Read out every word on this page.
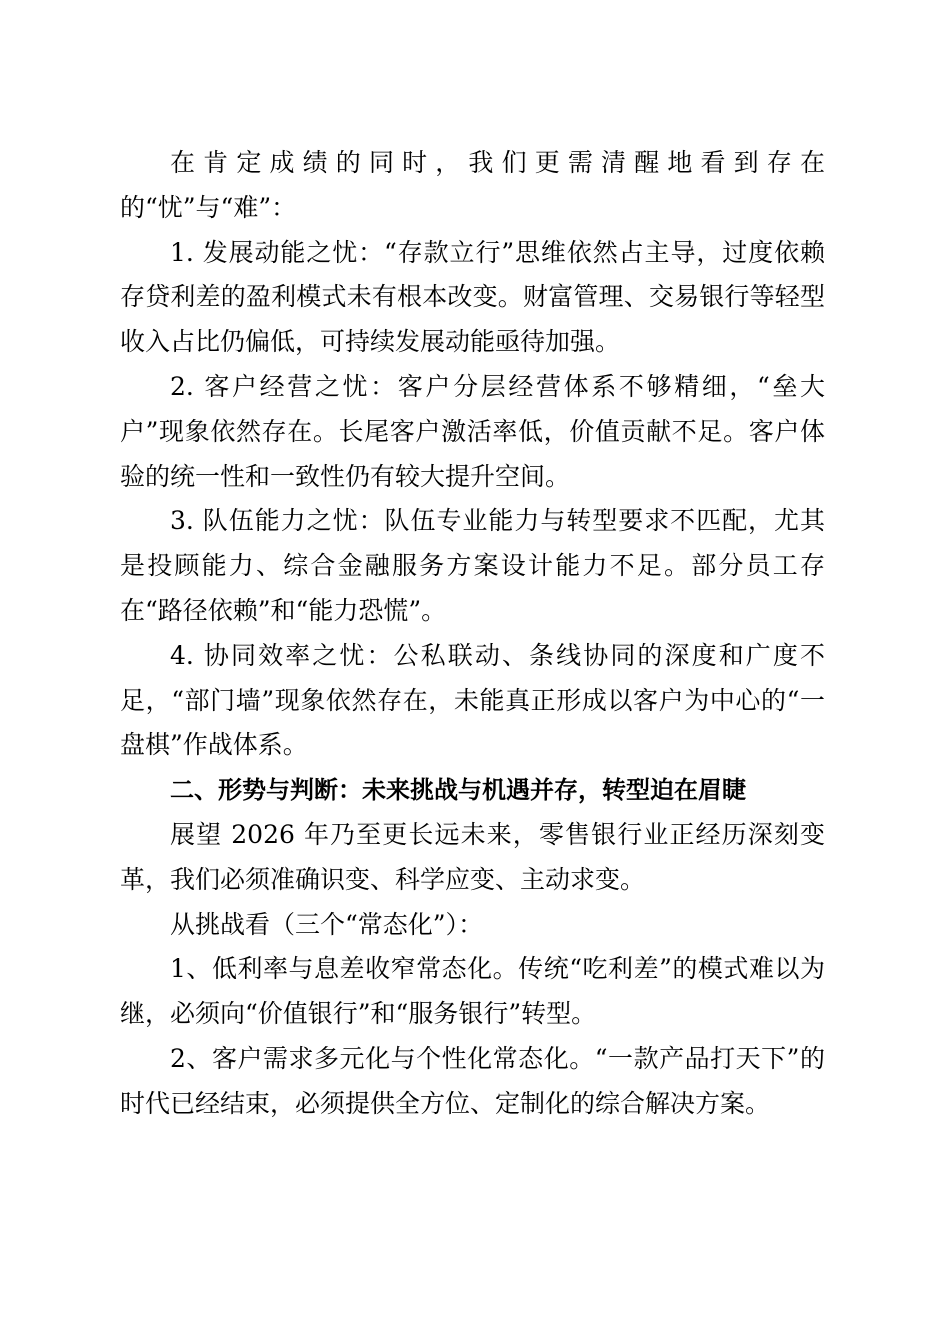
在肯定成绩的同时，我们更需清醒地看到存在的“忧”与“难”：

1. 发展动能之忧：“存款立行”思维依然占主导，过度依赖存贷利差的盈利模式未有根本改变。财富管理、交易银行等轻型收入占比仍偏低，可持续发展动能亟待加强。

2. 客户经营之忧：客户分层经营体系不够精细，“垒大户”现象依然存在。长尾客户激活率低，价值贡献不足。客户体验的统一性和一致性仍有较大提升空间。

3. 队伍能力之忧：队伍专业能力与转型要求不匹配，尤其是投顾能力、综合金融服务方案设计能力不足。部分员工存在“路径依赖”和“能力恐慌”。

4. 协同效率之忧：公私联动、条线协同的深度和广度不足，“部门墙”现象依然存在，未能真正形成以客户为中心的“一盘棋”作战体系。

二、形势与判断：未来挑战与机遇并存，转型迫在眉睫

展望 2026 年乃至更长远未来，零售银行业正经历深刻变革，我们必须准确识变、科学应变、主动求变。

从挑战看（三个“常态化”）：

1、低利率与息差收窄常态化。传统“吃利差”的模式难以为继，必须向“价值银行”和“服务银行”转型。

2、客户需求多元化与个性化常态化。“一款产品打天下”的时代已经结束，必须提供全方位、定制化的综合解决方案。
